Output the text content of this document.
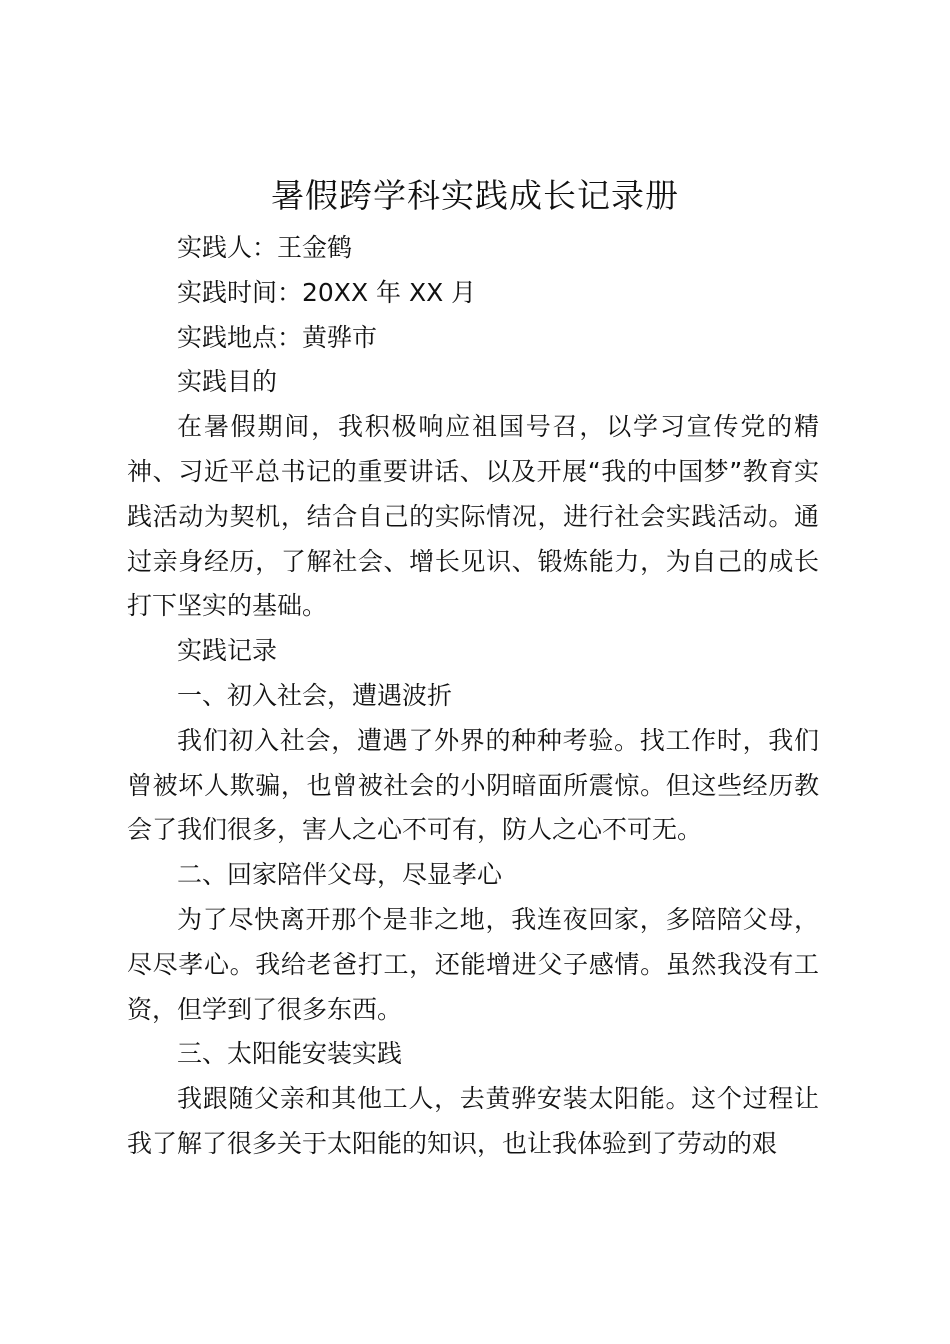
暑假跨学科实践成长记录册

实践人：王金鹤

实践时间：20XX 年 XX 月

实践地点：黄骅市

实践目的

在暑假期间，我积极响应祖国号召，以学习宣传党的精神、习近平总书记的重要讲话、以及开展“我的中国梦”教育实践活动为契机，结合自己的实际情况，进行社会实践活动。通过亲身经历，了解社会、增长见识、锻炼能力，为自己的成长打下坚实的基础。

实践记录

一、初入社会，遭遇波折

我们初入社会，遭遇了外界的种种考验。找工作时，我们曾被坏人欺骗，也曾被社会的小阴暗面所震惊。但这些经历教会了我们很多，害人之心不可有，防人之心不可无。

二、回家陪伴父母，尽显孝心

为了尽快离开那个是非之地，我连夜回家，多陪陪父母，尽尽孝心。我给老爸打工，还能增进父子感情。虽然我没有工资，但学到了很多东西。

三、太阳能安装实践

我跟随父亲和其他工人，去黄骅安装太阳能。这个过程让我了解了很多关于太阳能的知识，也让我体验到了劳动的艰
